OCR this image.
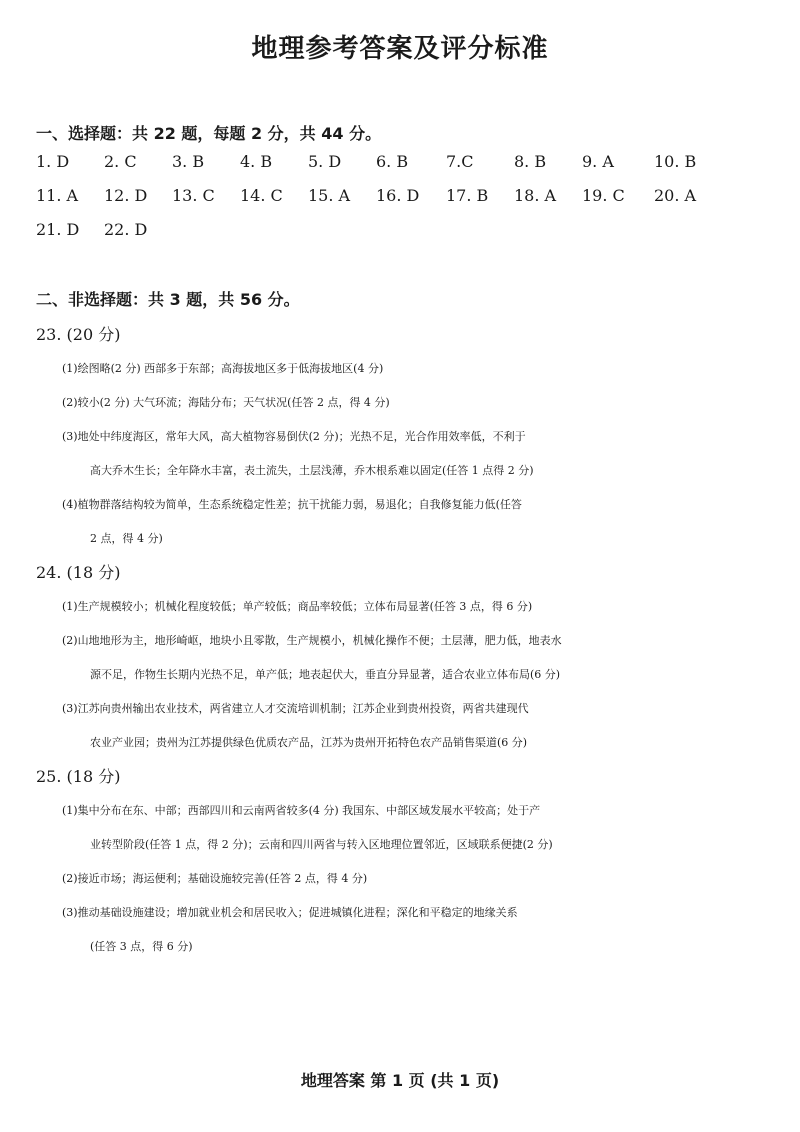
地理参考答案及评分标准
一、选择题：共 22 题，每题 2 分，共 44 分。
1. D 2. C 3. B 4. B 5. D 6. B 7.C	8. B 9. A	10. B
11. A 12. D 13. C 14. C 15. A 16. D 17. B 18. A 19. C 20. A
21. D 22. D
二、非选择题：共 3 题，共 56 分。
23. (20 分)
(1)绘图略(2 分) 西部多于东部；高海拔地区多于低海拔地区(4 分)
(2)较小(2 分) 大气环流；海陆分布；天气状况(任答 2 点，得 4 分)
(3)地处中纬度海区，常年大风，高大植物容易倒伏(2 分)；光热不足，光合作用效率低，不利于
高大乔木生长；全年降水丰富，表土流失，土层浅薄，乔木根系难以固定(任答 1 点得 2 分)
(4)植物群落结构较为简单，生态系统稳定性差；抗干扰能力弱，易退化；自我修复能力低(任答
2 点，得 4 分)
24. (18 分)
(1)生产规模较小；机械化程度较低；单产较低；商品率较低；立体布局显著(任答 3 点，得 6 分)
(2)山地地形为主，地形崎岖，地块小且零散，生产规模小，机械化操作不便；土层薄，肥力低，地表水
源不足，作物生长期内光热不足，单产低；地表起伏大，垂直分异显著，适合农业立体布局(6 分)
(3)江苏向贵州输出农业技术，两省建立人才交流培训机制；江苏企业到贵州投资，两省共建现代
农业产业园；贵州为江苏提供绿色优质农产品，江苏为贵州开拓特色农产品销售渠道(6 分)
25. (18 分)
(1)集中分布在东、中部；西部四川和云南两省较多(4 分) 我国东、中部区域发展水平较高；处于产
业转型阶段(任答 1 点，得 2 分)；云南和四川两省与转入区地理位置邻近，区域联系便捷(2 分)
(2)接近市场；海运便利；基础设施较完善(任答 2 点，得 4 分)
(3)推动基础设施建设；增加就业机会和居民收入；促进城镇化进程；深化和平稳定的地缘关系
(任答 3 点，得 6 分)
地理答案 第 1 页 (共 1 页)
